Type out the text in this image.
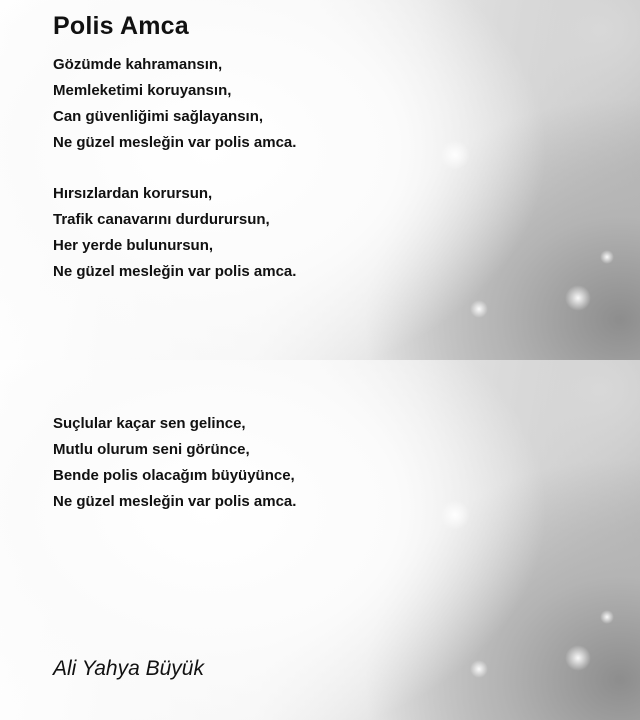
Polis Amca
Gözümde kahramansın,
Memleketimi koruyansın,
Can güvenliğimi sağlayansın,
Ne güzel mesleğin var polis amca.
Hırsızlardan korursun,
Trafik canavarını durdurursun,
Her yerde bulunursun,
Ne güzel mesleğin var polis amca.
Suçlular kaçar sen gelince,
Mutlu olurum seni görünce,
Bende polis olacağım büyüyünce,
Ne güzel mesleğin var polis amca.

Ali Yahya Büyük
